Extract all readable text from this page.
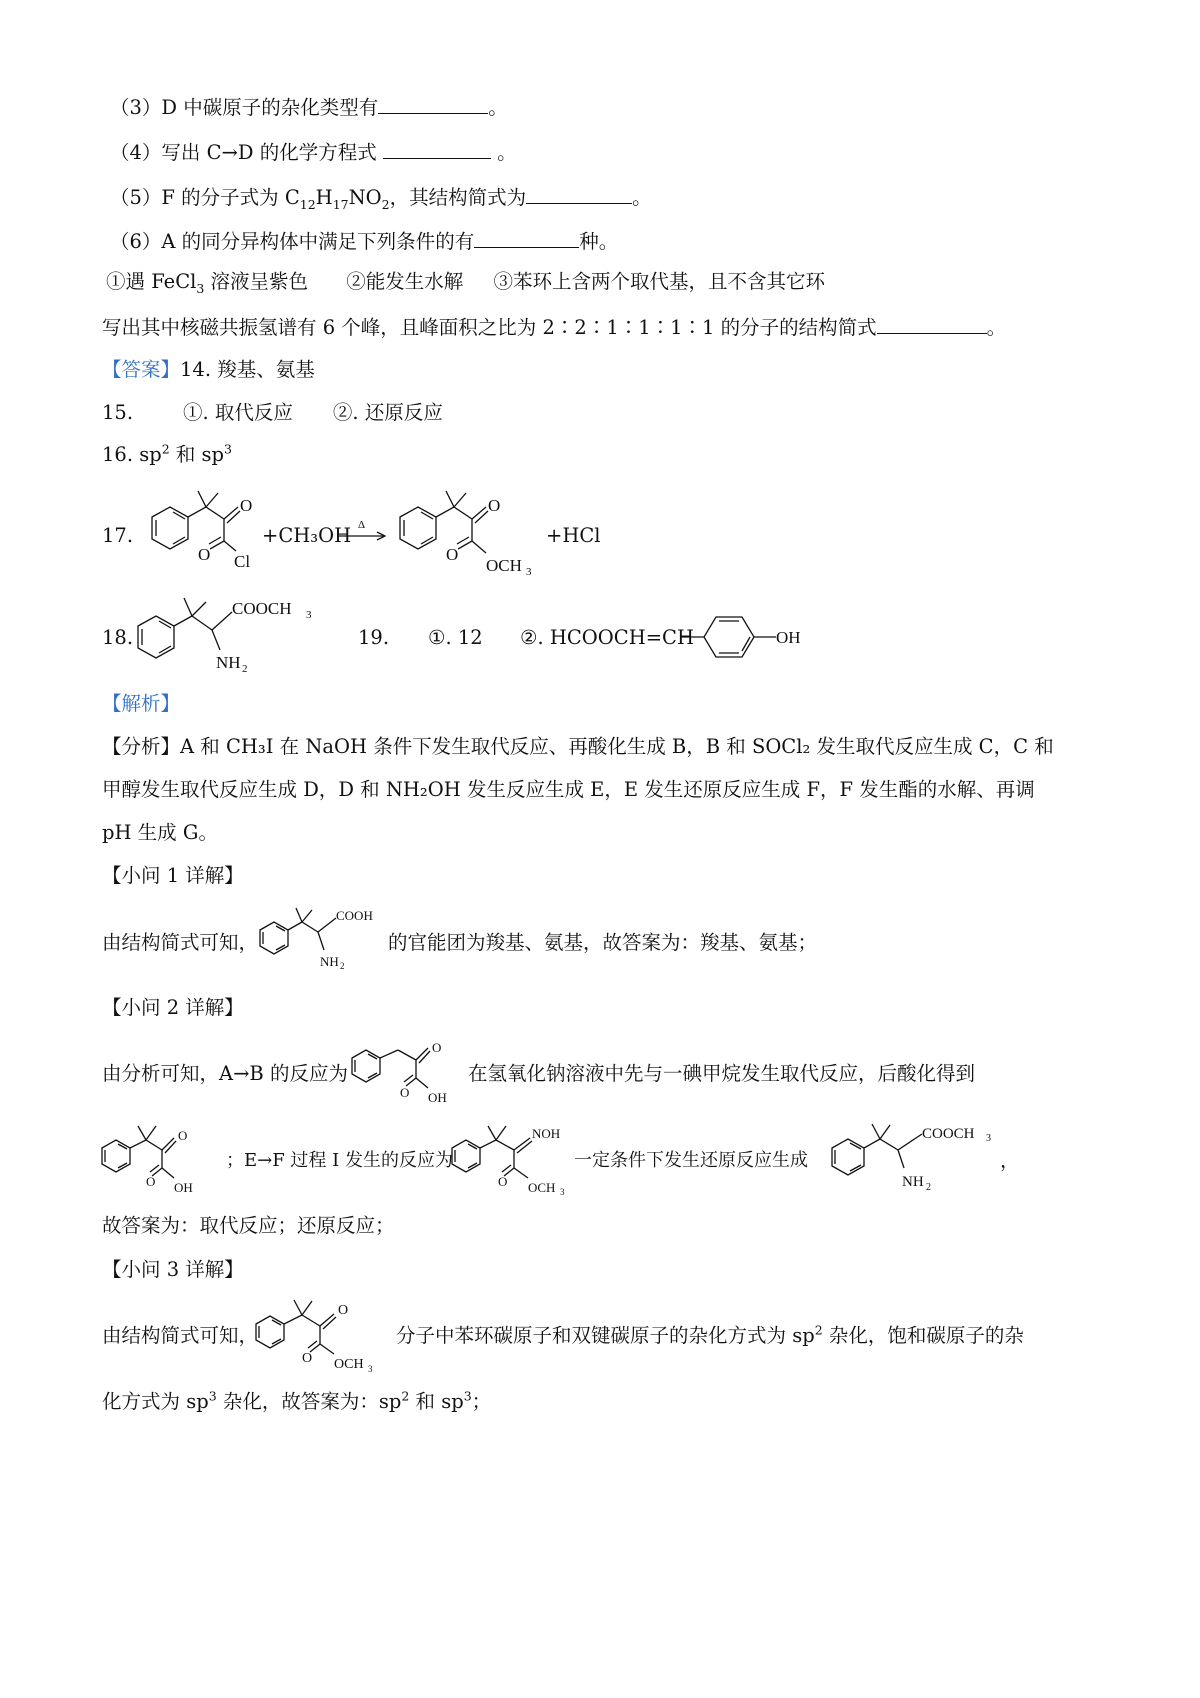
（3）D 中碳原子的杂化类型有	。
（4）写出 C→D 的化学方程式	。
（5）F 的分子式为 $C_{12}H_{17}NO_2$，其结构简式为	。
（6）A 的同分异构体中满足下列条件的有	种。
①遇 FeCl$_3$ 溶液呈紫色 ②能发生水解 ③苯环上含两个取代基，且不含其它环
写出其中核磁共振氢谱有 6 个峰，且峰面积之比为 2∶2∶1∶1∶1∶1 的分子的结构简式	。
【答案】14. 羧基、氨基
15.	①. 取代反应 ②. 还原反应
16. $sp^2$ 和 $sp^3$
17.
O
O Cl
+CH₃OH Δ
O
O
OCH 3
+HCl
18.
COOCH 3
NH 2
19. ①. 12 ②. HCOOCH=CH	OH
【解析】
【分析】A 和 CH₃I 在 NaOH 条件下发生取代反应、再酸化生成 B，B 和 SOCl₂ 发生取代反应生成 C，C 和
甲醇发生取代反应生成 D，D 和 NH₂OH 发生反应生成 E，E 发生还原反应生成 F，F 发生酯的水解、再调
pH 生成 G。
【小问 1 详解】
由结构简式可知，
COOH
NH 2
的官能团为羧基、氨基，故答案为：羧基、氨基；
【小问 2 详解】
由分析可知，A→B 的反应为
O
O OH
在氢氧化钠溶液中先与一碘甲烷发生取代反应，后酸化得到
O
O OH
；E→F 过程 I 发生的反应为
NOH
O OCH 3
一定条件下发生还原反应生成
COOCH 3
NH 2
，
故答案为：取代反应；还原反应；
【小问 3 详解】
由结构简式可知，
O
O OCH 3
分子中苯环碳原子和双键碳原子的杂化方式为 $sp^2$ 杂化，饱和碳原子的杂
化方式为 $sp^3$ 杂化，故答案为：$sp^2$ 和 $sp^3$；
